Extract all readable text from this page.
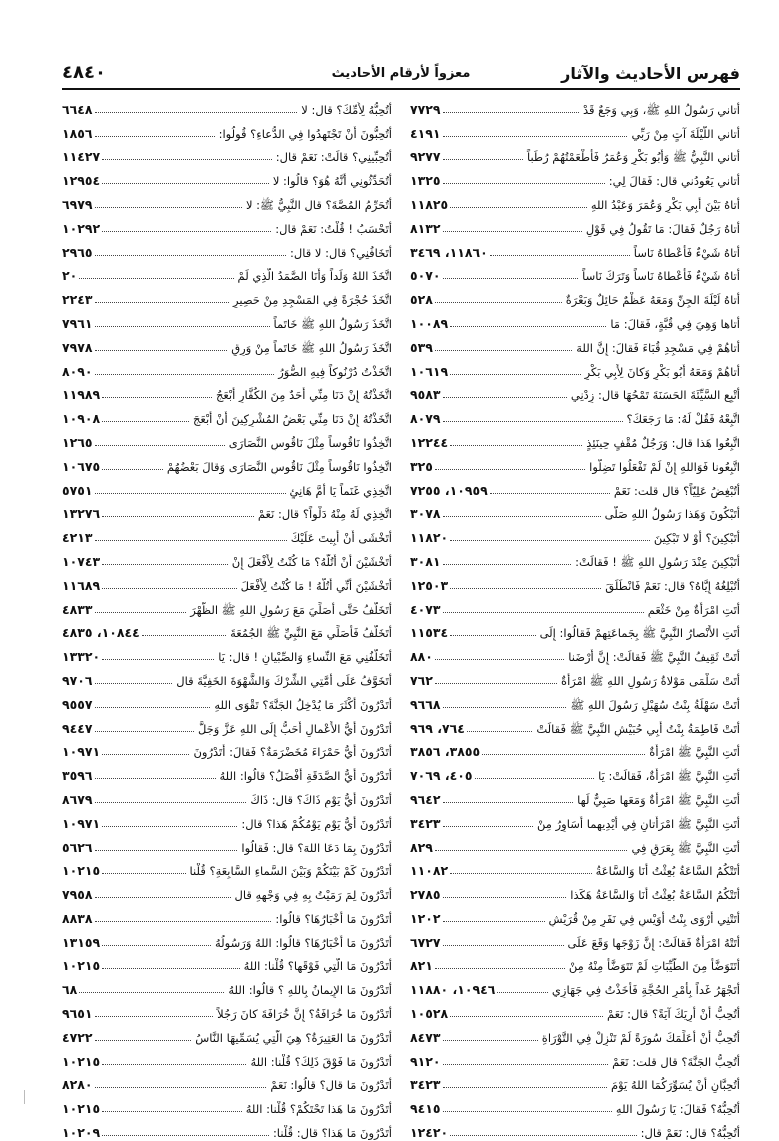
فهرس الأحاديث والآثار
معزواً لأرقام الأحاديث
٤٨٤٠
أتاني رَسُولُ اللهِ ﷺ، وَبِي وَجَعٌ قَدْ
٧٧٢٩
أتاني اللَّيْلَةَ آتٍ مِنْ رَبِّي
٤١٩١
أتاني النَّبِيُّ ﷺ وَأَبُو بَكْرٍ وَعُمَرُ فَأَطْعَمْتُهُمْ رُطَباً
٩٢٧٧
أتاني يَعُودُني قال: فَقالَ لِي:
١٣٢٥
أتاهُ بَيْنَ أَبِي بَكْرٍ وَعُمَرَ وَعَبْدُ اللهِ
١١٨٢٥
أتاهُ رَجُلٌ فَقالَ: مَا تَقُولُ فِي قَوْلِ
٨١٣٢
أتاهُ شَيْءٌ فَأَعْطاهُ نَاساً
١١٨٦٠، ٣٤٦٩
أتاهُ شَيْءٌ فَأَعْطاهُ نَاساً وَتَرَكَ نَاساً
٥٠٧٠
أتاهُ لَيْلَةَ الجِنِّ وَمَعَهُ عَظْمٌ حَائِلٌ وَبَعْرَةٌ
٥٢٨
أتاها وَهِيَ فِي قُبَّةٍ، فَقالَ: مَا
١٠٠٨٩
أتاهُمْ فِي مَسْجِدِ قُبَاءَ فَقالَ: إِنَّ اللهَ
٥٣٩
أتاهُمْ وَمَعَهُ أَبُو بَكْرٍ وَكانَ لِأَبِي بَكْرٍ
١٠٦١٩
أتْبِعِ السَّيِّئَةَ الحَسَنَةَ تَمْحُهَا قال: زِدْنِي
٩٥٨٣
اتَّبِعْهُ فَقُلْ لَهُ: مَا رَجَعَكَ؟
٨٠٧٩
اتَّبِعُوا هَذا قال: وَرَجُلٌ مُقْفٍ حِينَئِذٍ
١٢٢٤٤
اتَّبِعُونا فَوَاللهِ إِنْ لَمْ تَفْعَلُوا تَضِلُّوا
٣٢٥
أتُبْغِضُ عَلِيّاً؟ قال قلت: نَعَمْ
١٠٩٥٩، ٧٢٥٥
أتَبْكُونَ وَهَذا رَسُولُ اللهِ صَلَّى
٣٠٧٨
أتَبْكِينَ؟ أَوْ لا تَبْكِينَ
١١٨٢٠
أتَبْكِينَ عِنْدَ رَسُولِ اللهِ ﷺ ! فَقالَتْ:
٣٠٨١
أتُبْلِغُهُ إِيَّاهُ؟ قال: نَعَمْ فَانْطَلَقَ
١٢٥٠٣
أتَتِ امْرَأَةٌ مِنْ خَثْعَمٍ
٤٠٧٣
أتَتِ الأَنْصارُ النَّبِيَّ ﷺ بِجَماعَتِهِمْ فَقالُوا: إِلَى
١١٥٣٤
أتَتْ ثَقِيفُ النَّبِيَّ ﷺ فَقالَتْ: إِنَّ أَرْضَنا
٨٨٠
أتَتْ سَلْمَى مَوْلاةُ رَسُولِ اللهِ ﷺ امْرَأَةٌ
٧٦٢
أتَتْ سَهْلَةُ بِنْتُ سُهَيْلٍ رَسُولَ اللهِ ﷺ
٩٦٦٨
أتَتْ فَاطِمَةُ بِنْتُ أَبِي حُبَيْشٍ النَّبِيَّ ﷺ فَقالَتْ
٧٦٤، ٩٦٩
أتَتِ النَّبِيَّ ﷺ امْرَأَةٌ
٣٨٥٥، ٣٨٥٦
أتَتِ النَّبِيَّ ﷺ امْرَأَةٌ، فَقالَتْ: يَا
٤٠٥، ٧٠٦٩
أتَتِ النَّبِيَّ ﷺ امْرَأَةٌ وَمَعَها صَبِيٌّ لَها
٩٦٤٢
أتَتِ النَّبِيَّ ﷺ امْرَأَتانِ فِي أَيْدِيهِما أَسَاوِرُ مِنْ
٣٤٢٣
أتَتِ النَّبِيَّ ﷺ بِعَرَقٍ فِي
٨٢٩
أتَتْكُمُ السَّاعَةُ بُعِثْتُ أَنَا وَالسَّاعَةُ
١١٠٨٢
أتَتْكُمُ السَّاعَةُ بُعِثْتُ أَنَا وَالسَّاعَةُ هَكَذا
٢٧٨٥
أتَتْنِي أَرْوَى بِنْتُ أُوَيْسٍ فِي نَفَرٍ مِنْ قُرَيْشٍ
١٢٠٢
أتَتْهُ امْرَأَةٌ فَقالَتْ: إِنَّ زَوْجَها وَقَعَ عَلَى
٦٧٢٧
أتَتَوَضَّأُ مِنَ الطَّيِّبَاتِ لَمْ تَتَوَضَّأْ مِنْهُ مِنْ
٨٢١
أتَجْهَرُ غَداً بِأَمْرِ الحُجَّةِ فَأَخَذْتُ فِي جَهَازِي
١٠٩٤٦، ١١٨٨٠
أتُحِبُّ أَنْ أُرِيَكَ آيَةً؟ قال: نَعَمْ
١٠٥٢٨
أتُحِبُّ أَنْ أُعَلِّمَكَ سُورَةً لَمْ تَنْزِلْ فِي التَّوْرَاةِ
٨٤٧٣
أتُحِبُّ الجَنَّةَ؟ قال قلت: نَعَمْ
٩١٢٠
أتُحِبَّانِ أَنْ يُسَوِّرَكُمَا اللهُ يَوْمَ
٣٤٢٣
أتُحِبُّهُ؟ فَقالَ: يَا رَسُولَ اللهِ
٩٤١٥
أتُحِبُّهُ؟ قال: نَعَمْ قال:
١٢٤٢٠
أتُحِبُّهُ لِأُمِّكَ؟ قال: لا
٦٦٤٨
أتُحِبُّونَ أَنْ تَجْتَهِدُوا فِي الدُّعاءِ؟ قُولُوا:
١٨٥٦
أتُحِبِّينِي؟ قالَتْ: نَعَمْ قال:
١١٤٢٧
أتُحَدِّثُونِي أَنَّهُ هُوَ؟ قالُوا: لا
١٢٩٥٤
أتُحَرِّمُ المُصَّةَ؟ قال النَّبِيُّ ﷺ: لا
٦٩٧٩
أتَحْسَبُ ! قُلْتُ: نَعَمْ قال:
١٠٢٩٢
أتَخَافُنِي؟ قال: لا قال:
٢٩٦٥
اتَّخَذَ اللهُ وَلَداً وَأَنَا الصَّمَدُ الَّذِي لَمْ
٢٠
اتَّخَذَ حُجْرَةً فِي المَسْجِدِ مِنْ حَصِيرٍ
٢٢٤٣
اتَّخَذَ رَسُولُ اللهِ ﷺ خَاتَماً
٧٩٦١
اتَّخَذَ رَسُولُ اللهِ ﷺ خَاتَماً مِنْ وَرِقٍ
٧٩٧٨
اتَّخَذْتُ دُرْنُوكاً فِيهِ الصُّوَرُ
٨٠٩٠
اتَّخَذْتُهُ إِنْ دَنَا مِنِّي أَحَدٌ مِنَ الكُفَّارِ أَبْعَجُ
١١٩٨٩
اتَّخَذْتُهُ إِنْ دَنَا مِنِّي بَعْضُ المُشْرِكِينَ أَنْ أَبْعَجَ
١٠٩٠٨
اتَّخِذُوا نَاقُوساً مِثْلَ نَاقُوسِ النَّصَارَى
١٢٦٥
اتَّخِذُوا نَاقُوساً مِثْلَ نَاقُوسِ النَّصَارَى وَقالَ بَعْضُهُمْ
١٠٦٧٥
اتَّخِذِي غَنَماً يَا أُمَّ هَانِئٍ
٥٧٥١
اتَّخِذِي لَهُ مِنْهُ دَلْواً؟ قال: نَعَمْ
١٣٢٧٦
أتَخْشَى أَنْ أَبِيتَ عَلَيْكَ
٤٢١٣
أتَخْشَيْنَ أَنْ أَتُلَّهُ؟ مَا كُنْتُ لِأَفْعَلَ إِنْ
١٠٧٤٣
أتَخْشَيْنَ أَنِّي أَتُلُّهُ ! مَا كُنْتُ لِأَفْعَلَ
١١٦٨٩
أتَخَلَّفُ حَتَّى أُصَلِّيَ مَعَ رَسُولِ اللهِ ﷺ الظُّهْرَ
٤٨٣٣
أتَخَلَّفُ فَأُصَلِّي مَعَ النَّبِيِّ ﷺ الجُمُعَةَ
١٠٨٤٤، ٤٨٣٥
أتَخَلَّفُنِي مَعَ النِّساءِ وَالصِّبْيانِ ! قال: يَا
١٣٣٢٠
أتَخَوَّفُ عَلَى أُمَّتِي الشِّرْكَ وَالشَّهْوَةَ الخَفِيَّةَ قال
٩٧٠٦
أتَدْرُونَ أَكْثَرَ مَا يُدْخِلُ الجَنَّةَ؟ تَقْوَى اللهِ
٩٥٥٧
أتَدْرُونَ أَيُّ الأَعْمالِ أَحَبُّ إِلَى اللهِ عَزَّ وَجَلَّ
٩٤٤٧
أتَدْرُونَ أَيُّ حَمْرَاءَ مُخَضْرَمَةٌ؟ فَقالَ: أَتَدْرُونَ
١٠٩٧١
أتَدْرُونَ أَيُّ الصَّدَقَةِ أَفْضَلُ؟ قالُوا: اللهُ
٣٥٩٦
أتَدْرُونَ أَيُّ يَوْمٍ ذَاكَ؟ قال: ذَاكَ
٨٦٧٩
أتَدْرُونَ أَيُّ يَوْمٍ يَوْمُكُمْ هَذا؟ قال:
١٠٩٧١
أتَدْرُونَ بِمَا دَعَا اللهَ؟ قال: فَقالُوا
٥٦٢٦
أتَدْرُونَ كَمْ بَيْنَكُمْ وَبَيْنَ السَّماءِ السَّابِعَةِ؟ قُلْنا
١٠٢١٥
أتَدْرُونَ لِمَ رَمَيْتُ بِهِ فِي وَجْهِهِ قال
٧٩٥٨
أتَدْرُونَ مَا أَخْبَارُهَا؟ قالُوا:
٨٨٣٨
أتَدْرُونَ مَا أَخْبَارُهَا؟ قالُوا: اللهُ وَرَسُولُهُ
١٣١٥٩
أتَدْرُونَ مَا الَّتِي فَوْقَها؟ قُلْنا: اللهُ
١٠٢١٥
أتَدْرُونَ مَا الإِيمانُ بِاللهِ ؟ قالُوا: اللهُ
٦٨
أتَدْرُونَ مَا خُرَافَةُ؟ إِنَّ خُرَافَةَ كانَ رَجُلاً
٩٦٥١
أتَدْرُونَ مَا العَتِيرَةُ؟ هِيَ الَّتِي يُسَمِّيهَا النَّاسُ
٤٧٢٢
أتَدْرُونَ مَا فَوْقَ ذَلِكَ؟ قُلْنا: اللهُ
١٠٢١٥
أتَدْرُونَ مَا قال؟ قالُوا: نَعَمْ
٨٢٨٠
أتَدْرُونَ مَا هَذا تَحْتَكُمْ؟ قُلْنا: اللهُ
١٠٢١٥
أتَدْرُونَ مَا هَذا؟ قال: قُلْنا:
١٠٢٠٩
